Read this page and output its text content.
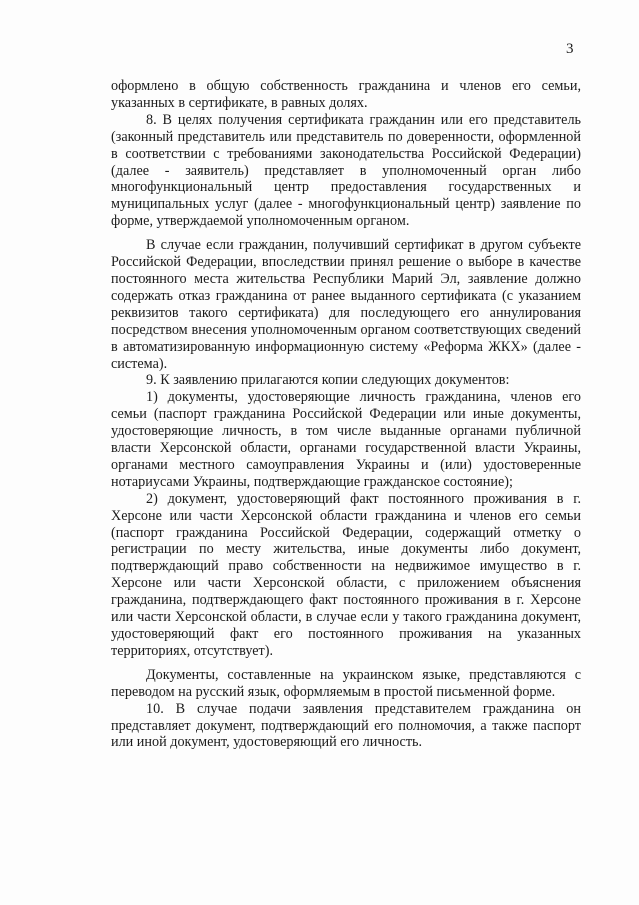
3

оформлено в общую собственность гражданина и членов его семьи, указанных в сертификате, в равных долях.

8. В целях получения сертификата гражданин или его представитель (законный представитель или представитель по доверенности, оформленной в соответствии с требованиями законодательства Российской Федерации) (далее - заявитель) представляет в уполномоченный орган либо многофункциональный центр предоставления государственных и муниципальных услуг (далее - многофункциональный центр) заявление по форме, утверждаемой уполномоченным органом.

В случае если гражданин, получивший сертификат в другом субъекте Российской Федерации, впоследствии принял решение о выборе в качестве постоянного места жительства Республики Марий Эл, заявление должно содержать отказ гражданина от ранее выданного сертификата (с указанием реквизитов такого сертификата) для последующего его аннулирования посредством внесения уполномоченным органом соответствующих сведений в автоматизированную информационную систему «Реформа ЖКХ» (далее - система).

9. К заявлению прилагаются копии следующих документов:

1) документы, удостоверяющие личность гражданина, членов его семьи (паспорт гражданина Российской Федерации или иные документы, удостоверяющие личность, в том числе выданные органами публичной власти Херсонской области, органами государственной власти Украины, органами местного самоуправления Украины и (или) удостоверенные нотариусами Украины, подтверждающие гражданское состояние);

2) документ, удостоверяющий факт постоянного проживания в г. Херсоне или части Херсонской области гражданина и членов его семьи (паспорт гражданина Российской Федерации, содержащий отметку о регистрации по месту жительства, иные документы либо документ, подтверждающий право собственности на недвижимое имущество в г. Херсоне или части Херсонской области, с приложением объяснения гражданина, подтверждающего факт постоянного проживания в г. Херсоне или части Херсонской области, в случае если у такого гражданина документ, удостоверяющий факт его постоянного проживания на указанных территориях, отсутствует).

Документы, составленные на украинском языке, представляются с переводом на русский язык, оформляемым в простой письменной форме.

10. В случае подачи заявления представителем гражданина он представляет документ, подтверждающий его полномочия, а также паспорт или иной документ, удостоверяющий его личность.
